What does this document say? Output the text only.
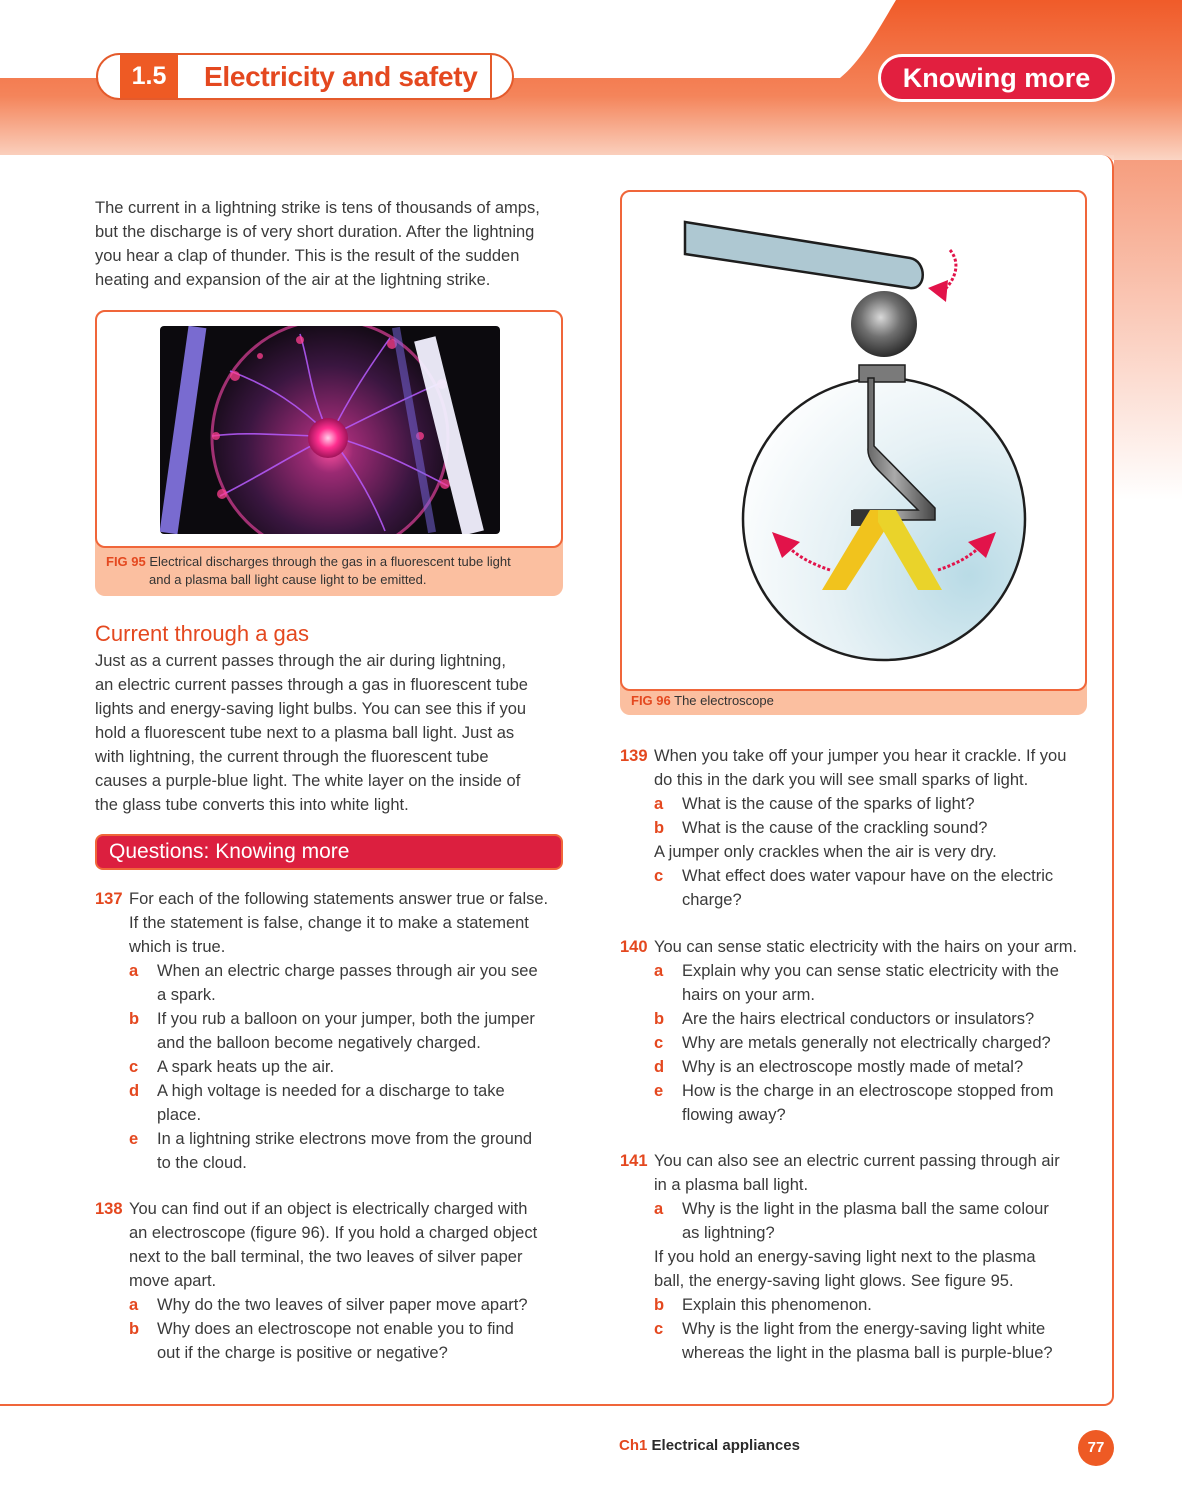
1.5	Electricity and safety	Knowing more
The current in a lightning strike is tens of thousands of amps,
but the discharge is of very short duration. After the lightning
you hear a clap of thunder. This is the result of the sudden
heating and expansion of the air at the lightning strike.
FIG 95 Electrical discharges through the gas in a fluorescent tube light
and a plasma ball light cause light to be emitted.
Current through a gas
Just as a current passes through the air during lightning,
an electric current passes through a gas in fluorescent tube
lights and energy-saving light bulbs. You can see this if you
hold a fluorescent tube next to a plasma ball light. Just as
with lightning, the current through the fluorescent tube
causes a purple-blue light. The white layer on the inside of
the glass tube converts this into white light.
Questions: Knowing more
137 For each of the following statements answer true or false.
If the statement is false, change it to make a statement
which is true.
a When an electric charge passes through air you see
a spark.
b If you rub a balloon on your jumper, both the jumper
and the balloon become negatively charged.
c A spark heats up the air.
d A high voltage is needed for a discharge to take
place.
e In a lightning strike electrons move from the ground
to the cloud.
138 You can find out if an object is electrically charged with
an electroscope (figure 96). If you hold a charged object
next to the ball terminal, the two leaves of silver paper
move apart.
a Why do the two leaves of silver paper move apart?
b Why does an electroscope not enable you to find
out if the charge is positive or negative?
FIG 96 The electroscope
139 When you take off your jumper you hear it crackle. If you
do this in the dark you will see small sparks of light.
a What is the cause of the sparks of light?
b What is the cause of the crackling sound?
A jumper only crackles when the air is very dry.
c What effect does water vapour have on the electric
charge?
140 You can sense static electricity with the hairs on your arm.
a Explain why you can sense static electricity with the
hairs on your arm.
b Are the hairs electrical conductors or insulators?
c Why are metals generally not electrically charged?
d Why is an electroscope mostly made of metal?
e How is the charge in an electroscope stopped from
flowing away?
141 You can also see an electric current passing through air
in a plasma ball light.
a Why is the light in the plasma ball the same colour
as lightning?
If you hold an energy-saving light next to the plasma
ball, the energy-saving light glows. See figure 95.
b Explain this phenomenon.
c Why is the light from the energy-saving light white
whereas the light in the plasma ball is purple-blue?
Ch1 Electrical appliances	77
